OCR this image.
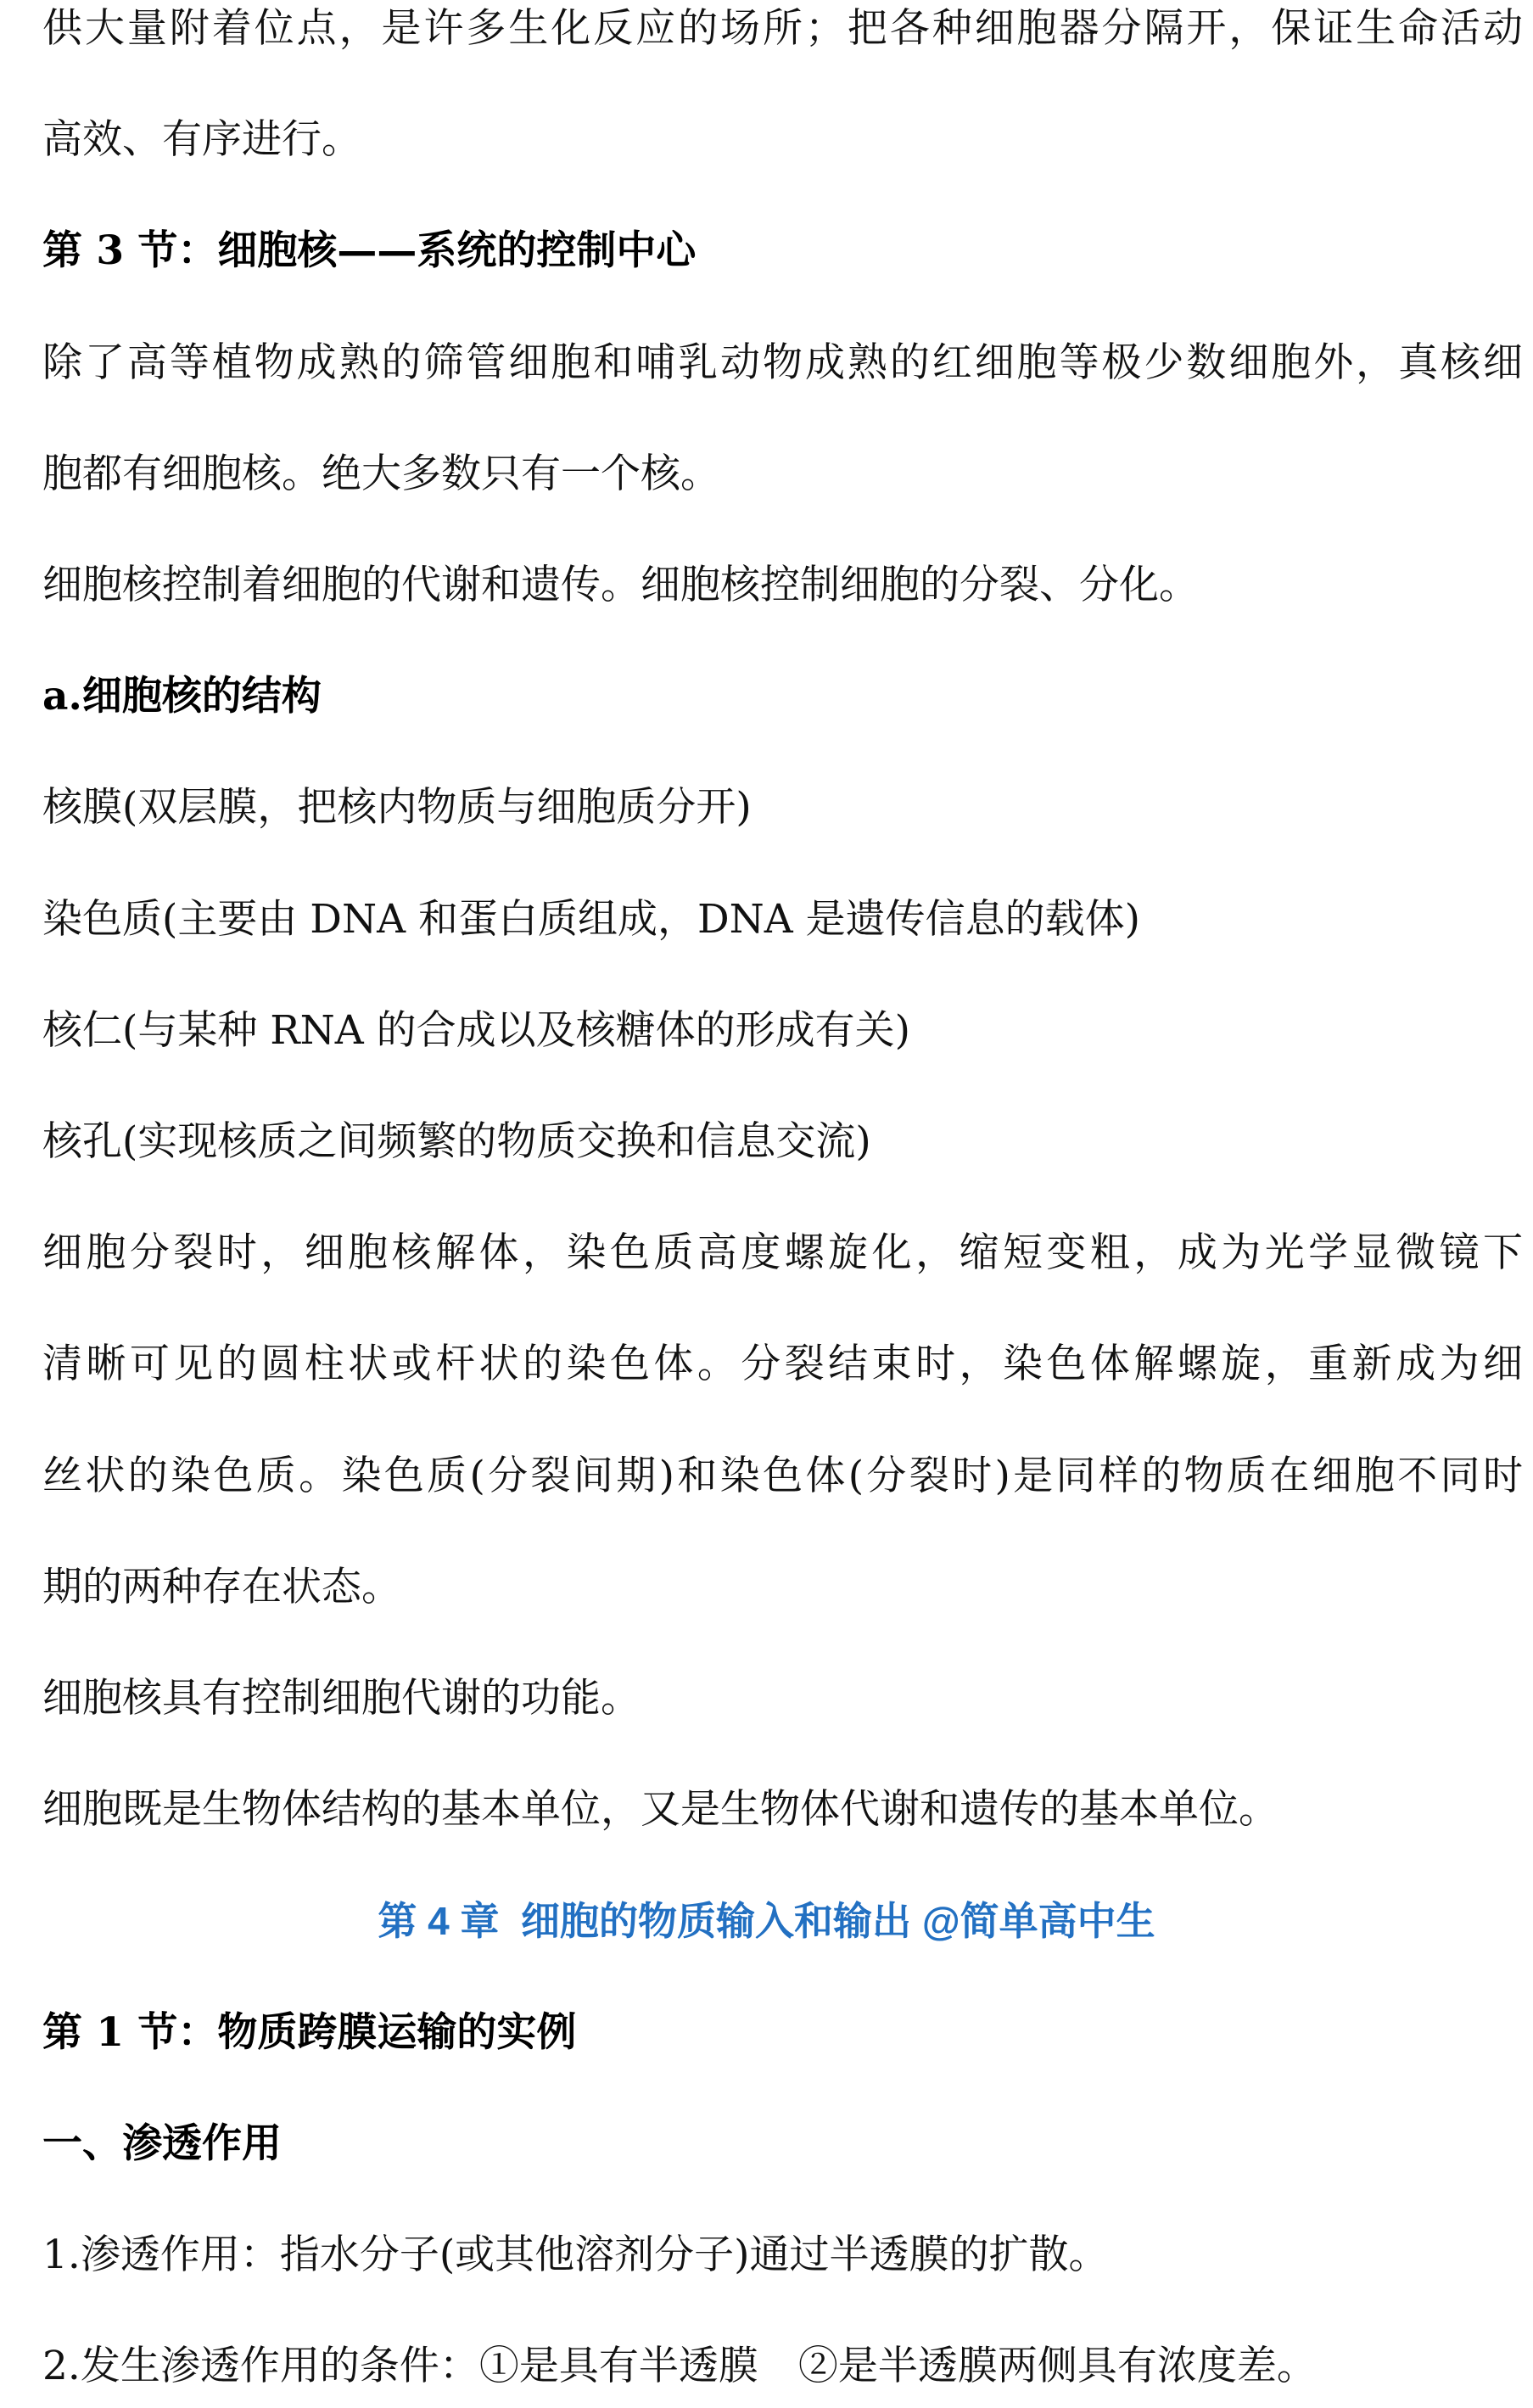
供大量附着位点，是许多生化反应的场所；把各种细胞器分隔开，保证生命活动
高效、有序进行。
第 3 节：细胞核——系统的控制中心
除了高等植物成熟的筛管细胞和哺乳动物成熟的红细胞等极少数细胞外，真核细
胞都有细胞核。绝大多数只有一个核。
细胞核控制着细胞的代谢和遗传。细胞核控制细胞的分裂、分化。
a.细胞核的结构
核膜(双层膜，把核内物质与细胞质分开)
染色质(主要由 DNA 和蛋白质组成，DNA 是遗传信息的载体)
核仁(与某种 RNA 的合成以及核糖体的形成有关)
核孔(实现核质之间频繁的物质交换和信息交流)
细胞分裂时，细胞核解体，染色质高度螺旋化，缩短变粗，成为光学显微镜下
清晰可见的圆柱状或杆状的染色体。分裂结束时，染色体解螺旋，重新成为细
丝状的染色质。染色质(分裂间期)和染色体(分裂时)是同样的物质在细胞不同时
期的两种存在状态。
细胞核具有控制细胞代谢的功能。
细胞既是生物体结构的基本单位，又是生物体代谢和遗传的基本单位。
第 4 章  细胞的物质输入和输出 @简单高中生
第 1 节：物质跨膜运输的实例
一、渗透作用
1.渗透作用：指水分子(或其他溶剂分子)通过半透膜的扩散。
2.发生渗透作用的条件：①是具有半透膜　②是半透膜两侧具有浓度差。
